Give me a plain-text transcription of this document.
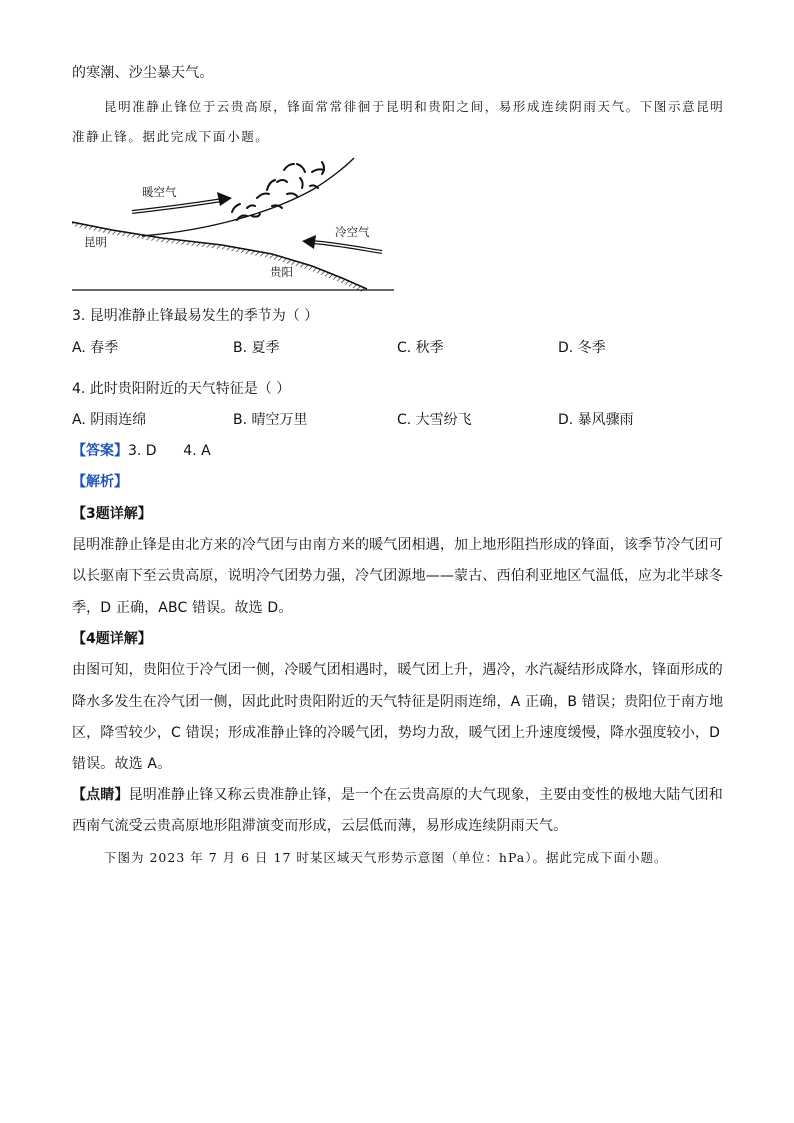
的寒潮、沙尘暴天气。
昆明准静止锋位于云贵高原，锋面常常徘徊于昆明和贵阳之间，易形成连续阴雨天气。下图示意昆明
准静止锋。据此完成下面小题。
暖空气
冷空气
昆明
贵阳
3. 昆明准静止锋最易发生的季节为（ ）
A. 春季	B. 夏季	C. 秋季	D. 冬季
4. 此时贵阳附近的天气特征是（ ）
A. 阴雨连绵	B. 晴空万里	C. 大雪纷飞	D. 暴风骤雨
【答案】3. D      4. A
【解析】
【3题详解】
昆明准静止锋是由北方来的冷气团与由南方来的暖气团相遇，加上地形阻挡形成的锋面，该季节冷气团可
以长驱南下至云贵高原，说明冷气团势力强，冷气团源地——蒙古、西伯利亚地区气温低，应为北半球冬
季，D 正确，ABC 错误。故选 D。
【4题详解】
由图可知，贵阳位于冷气团一侧，冷暖气团相遇时，暖气团上升，遇冷，水汽凝结形成降水，锋面形成的
降水多发生在冷气团一侧，因此此时贵阳附近的天气特征是阴雨连绵，A 正确，B 错误；贵阳位于南方地
区，降雪较少，C 错误；形成准静止锋的冷暖气团，势均力敌，暖气团上升速度缓慢，降水强度较小，D
错误。故选 A。
【点睛】昆明准静止锋又称云贵准静止锋，是一个在云贵高原的大气现象，主要由变性的极地大陆气团和
西南气流受云贵高原地形阻滞演变而形成，云层低而薄，易形成连续阴雨天气。
下图为 2023 年 7 月 6 日 17 时某区域天气形势示意图（单位：hPa）。据此完成下面小题。
